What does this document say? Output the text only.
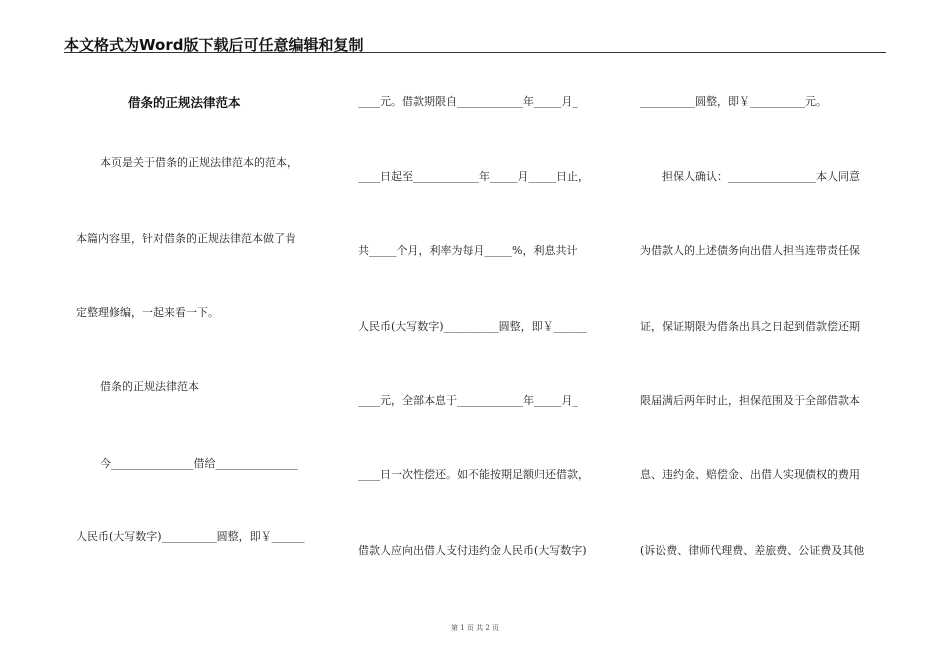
本文格式为Word版下载后可任意编辑和复制
借条的正规法律范本
本页是关于借条的正规法律范本的范本，
本篇内容里，针对借条的正规法律范本做了肯
定整理修编，一起来看一下。
借条的正规法律范本
今_______________借给_______________
人民币(大写数字)__________圆整，即￥______
____元。借款期限自____________年_____月_
____日起至____________年_____月_____日止，
共_____个月，利率为每月_____%，利息共计
人民币(大写数字)__________圆整，即￥______
____元，全部本息于____________年_____月_
____日一次性偿还。如不能按期足额归还借款，
借款人应向出借人支付违约金人民币(大写数字)
__________圆整，即￥__________元。
担保人确认：________________本人同意
为借款人的上述债务向出借人担当连带责任保
证，保证期限为借条出具之日起到借款偿还期
限届满后两年时止，担保范围及于全部借款本
息、违约金、赔偿金、出借人实现债权的费用
(诉讼费、律师代理费、差旅费、公证费及其他
第 1 页 共 2 页
